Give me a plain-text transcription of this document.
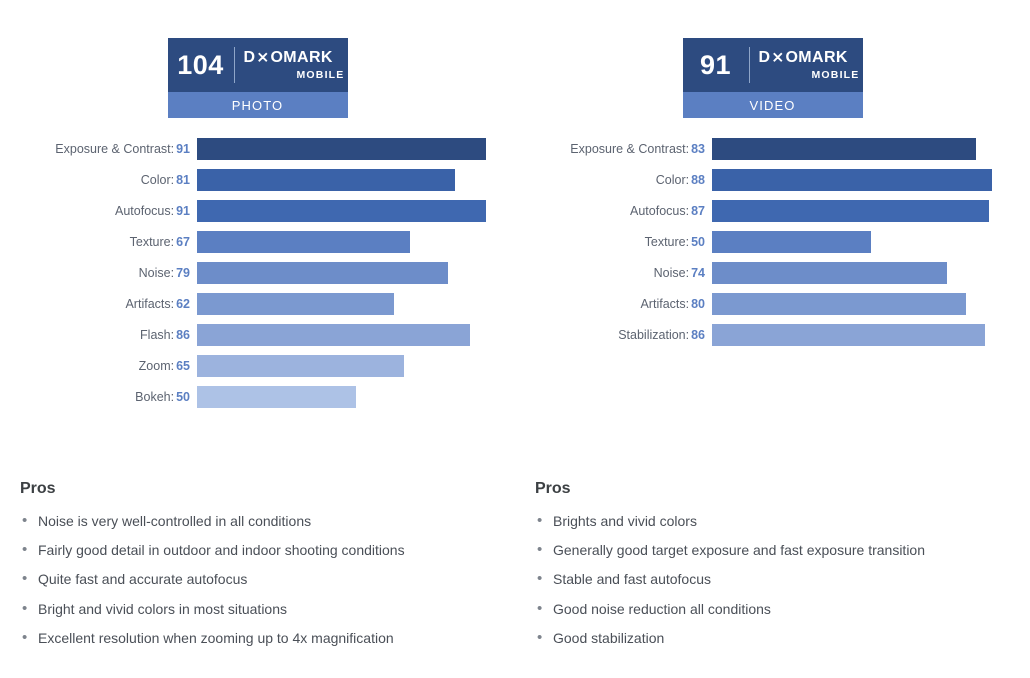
104	D ⨯ OMARK
MOBILE
PHOTO
Exposure & Contrast: 91
Color: 81
Autofocus: 91
Texture: 67
Noise: 79
Artifacts: 62
Flash: 86
Zoom: 65
Bokeh: 50
Pros
• Noise is very well-controlled in all conditions
• Fairly good detail in outdoor and indoor shooting conditions
• Quite fast and accurate autofocus
• Bright and vivid colors in most situations
• Excellent resolution when zooming up to 4x magnification
91	D ⨯ OMARK
MOBILE
VIDEO
Exposure & Contrast: 83
Color: 88
Autofocus: 87
Texture: 50
Noise: 74
Artifacts: 80
Stabilization: 86
Pros
• Brights and vivid colors
• Generally good target exposure and fast exposure transition
• Stable and fast autofocus
• Good noise reduction all conditions
• Good stabilization
